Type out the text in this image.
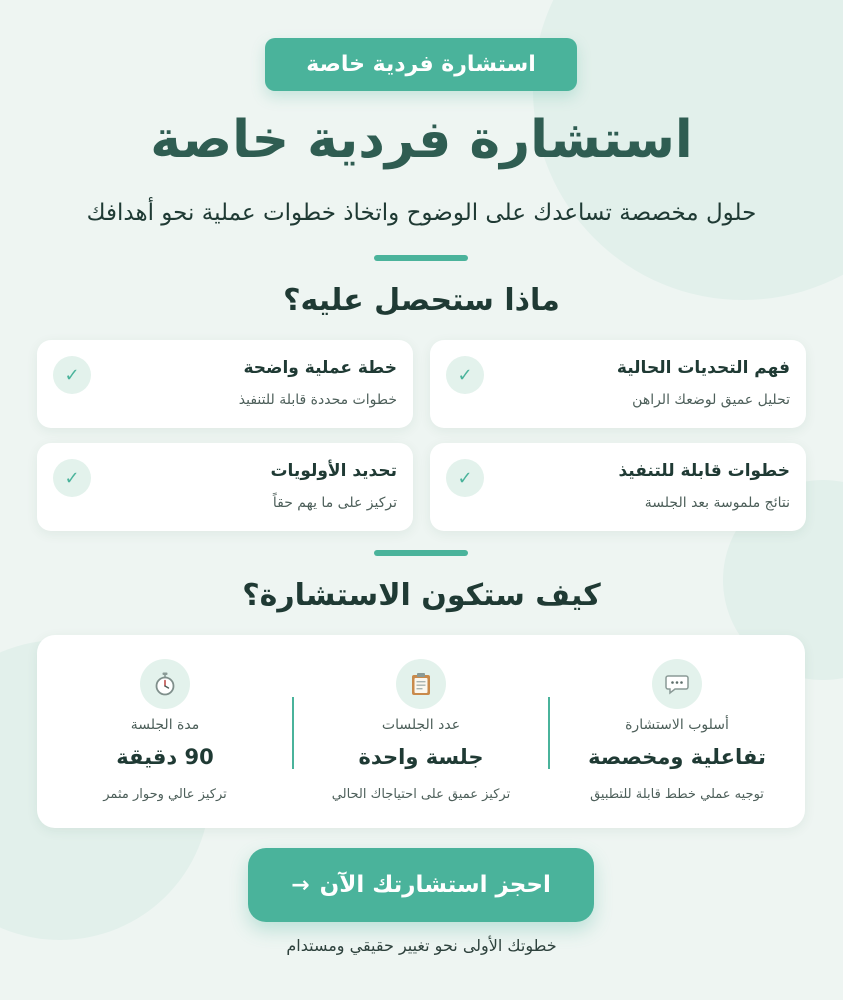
استشارة فردية خاصة
استشارة فردية خاصة

حلول مخصصة تساعدك على الوضوح واتخاذ خطوات عملية نحو أهدافك

ماذا ستحصل عليه؟
✓	فهم التحديات الحالية
تحليل عميق لوضعك الراهن
✓	خطة عملية واضحة
خطوات محددة قابلة للتنفيذ
✓	خطوات قابلة للتنفيذ
نتائج ملموسة بعد الجلسة
✓	تحديد الأولويات
تركيز على ما يهم حقاً
كيف ستكون الاستشارة؟
أسلوب الاستشارة
تفاعلية ومخصصة
توجيه عملي خطط قابلة للتطبيق
عدد الجلسات
جلسة واحدة
تركيز عميق على احتياجاك الحالي
مدة الجلسة
90 دقيقة
تركيز عالي وحوار مثمر
احجز استشارتك الآن
→

خطوتك الأولى نحو تغيير حقيقي ومستدام
